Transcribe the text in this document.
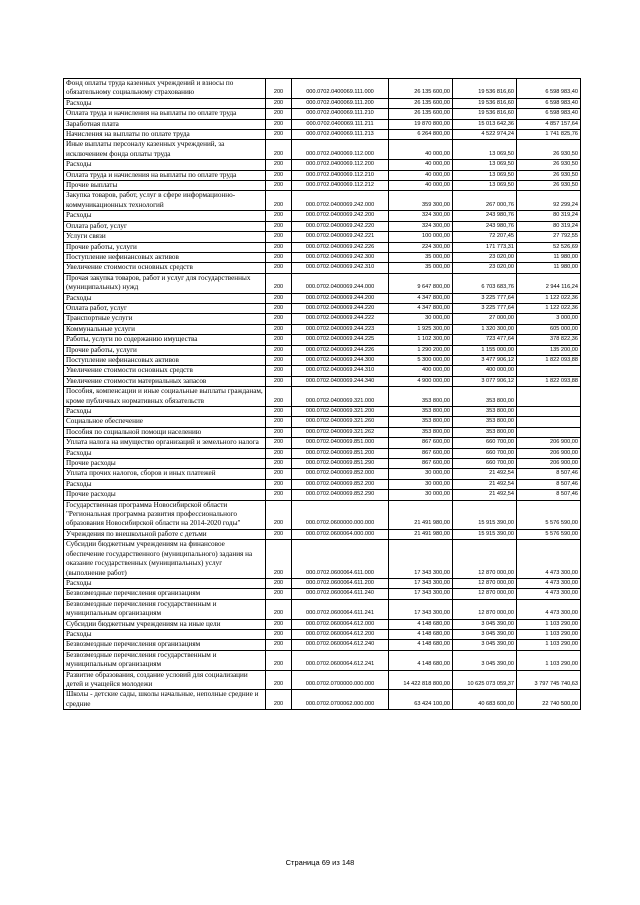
Фонд оплаты труда казенных учреждений и взносы по обязательному социальному страхованию	200	000.0702.0400069.111.000	26 135 600,00	19 536 816,60	6 598 983,40
Расходы	200	000.0702.0400069.111.200	26 135 600,00	19 536 816,60	6 598 983,40
Оплата труда и начисления на выплаты по оплате труда	200	000.0702.0400069.111.210	26 135 600,00	19 536 816,60	6 598 983,40
Заработная плата	200	000.0702.0400069.111.211	19 870 800,00	15 013 642,36	4 857 157,64
Начисления на выплаты по оплате труда	200	000.0702.0400069.111.213	6 264 800,00	4 522 974,24	1 741 825,76
Иные выплаты персоналу казенных учреждений, за исключением фонда оплаты труда	200	000.0702.0400069.112.000	40 000,00	13 069,50	26 930,50
Расходы	200	000.0702.0400069.112.200	40 000,00	13 069,50	26 930,50
Оплата труда и начисления на выплаты по оплате труда	200	000.0702.0400069.112.210	40 000,00	13 069,50	26 930,50
Прочие выплаты	200	000.0702.0400069.112.212	40 000,00	13 069,50	26 930,50
Закупка товаров, работ, услуг в сфере информационно-коммуникационных технологий	200	000.0702.0400069.242.000	359 300,00	267 000,76	92 299,24
Расходы	200	000.0702.0400069.242.200	324 300,00	243 980,76	80 319,24
Оплата работ, услуг	200	000.0702.0400069.242.220	324 300,00	243 980,76	80 319,24
Услуги связи	200	000.0702.0400069.242.221	100 000,00	72 207,45	27 792,55
Прочие работы, услуги	200	000.0702.0400069.242.226	224 300,00	171 773,31	52 526,69
Поступление нефинансовых активов	200	000.0702.0400069.242.300	35 000,00	23 020,00	11 980,00
Увеличение стоимости основных средств	200	000.0702.0400069.242.310	35 000,00	23 020,00	11 980,00
Прочая закупка товаров, работ и услуг для государственных (муниципальных) нужд	200	000.0702.0400069.244.000	9 647 800,00	6 703 683,76	2 944 116,24
Расходы	200	000.0702.0400069.244.200	4 347 800,00	3 225 777,64	1 122 022,36
Оплата работ, услуг	200	000.0702.0400069.244.220	4 347 800,00	3 225 777,64	1 122 022,36
Транспортные услуги	200	000.0702.0400069.244.222	30 000,00	27 000,00	3 000,00
Коммунальные услуги	200	000.0702.0400069.244.223	1 925 300,00	1 320 300,00	605 000,00
Работы, услуги по содержанию имущества	200	000.0702.0400069.244.225	1 102 300,00	723 477,64	378 822,36
Прочие работы, услуги	200	000.0702.0400069.244.226	1 290 200,00	1 155 000,00	135 200,00
Поступление нефинансовых активов	200	000.0702.0400069.244.300	5 300 000,00	3 477 906,12	1 822 093,88
Увеличение стоимости основных средств	200	000.0702.0400069.244.310	400 000,00	400 000,00	
Увеличение стоимости материальных запасов	200	000.0702.0400069.244.340	4 900 000,00	3 077 906,12	1 822 093,88
Пособия, компенсации и иные социальные выплаты гражданам, кроме публичных нормативных обязательств	200	000.0702.0400069.321.000	353 800,00	353 800,00	
Расходы	200	000.0702.0400069.321.200	353 800,00	353 800,00	
Социальное обеспечение	200	000.0702.0400069.321.260	353 800,00	353 800,00	
Пособия по социальной помощи населению	200	000.0702.0400069.321.262	353 800,00	353 800,00	
Уплата налога на имущество организаций и земельного налога	200	000.0702.0400069.851.000	867 600,00	660 700,00	206 900,00
Расходы	200	000.0702.0400069.851.200	867 600,00	660 700,00	206 900,00
Прочие расходы	200	000.0702.0400069.851.290	867 600,00	660 700,00	206 900,00
Уплата прочих налогов, сборов и иных платежей	200	000.0702.0400069.852.000	30 000,00	21 492,54	8 507,46
Расходы	200	000.0702.0400069.852.200	30 000,00	21 492,54	8 507,46
Прочие расходы	200	000.0702.0400069.852.290	30 000,00	21 492,54	8 507,46
Государственная программа Новосибирской области "Региональная программа развития профессионального образования Новосибирской области на 2014-2020 годы"	200	000.0702.0600000.000.000	21 491 980,00	15 915 390,00	5 576 590,00
Учреждения по внешкольной работе с детьми	200	000.0702.0600064.000.000	21 491 980,00	15 915 390,00	5 576 590,00
Субсидии бюджетным учреждениям на финансовое обеспечение государственного (муниципального) задания на оказание государственных (муниципальных) услуг (выполнение работ)	200	000.0702.0600064.611.000	17 343 300,00	12 870 000,00	4 473 300,00
Расходы	200	000.0702.0600064.611.200	17 343 300,00	12 870 000,00	4 473 300,00
Безвозмездные перечисления организациям	200	000.0702.0600064.611.240	17 343 300,00	12 870 000,00	4 473 300,00
Безвозмездные перечисления государственным и муниципальным организациям	200	000.0702.0600064.611.241	17 343 300,00	12 870 000,00	4 473 300,00
Субсидии бюджетным учреждениям на иные цели	200	000.0702.0600064.612.000	4 148 680,00	3 045 390,00	1 103 290,00
Расходы	200	000.0702.0600064.612.200	4 148 680,00	3 045 390,00	1 103 290,00
Безвозмездные перечисления организациям	200	000.0702.0600064.612.240	4 148 680,00	3 045 390,00	1 103 290,00
Безвозмездные перечисления государственным и муниципальным организациям	200	000.0702.0600064.612.241	4 148 680,00	3 045 390,00	1 103 290,00
Развитие образования, создание условий для социализации детей и учащейся молодежи	200	000.0702.0700000.000.000	14 422 818 800,00	10 625 073 059,37	3 797 745 740,63
Школы - детские сады, школы начальные, неполные средние и средние	200	000.0702.0700062.000.000	63 424 100,00	40 683 600,00	22 740 500,00
Страница 69 из 148
